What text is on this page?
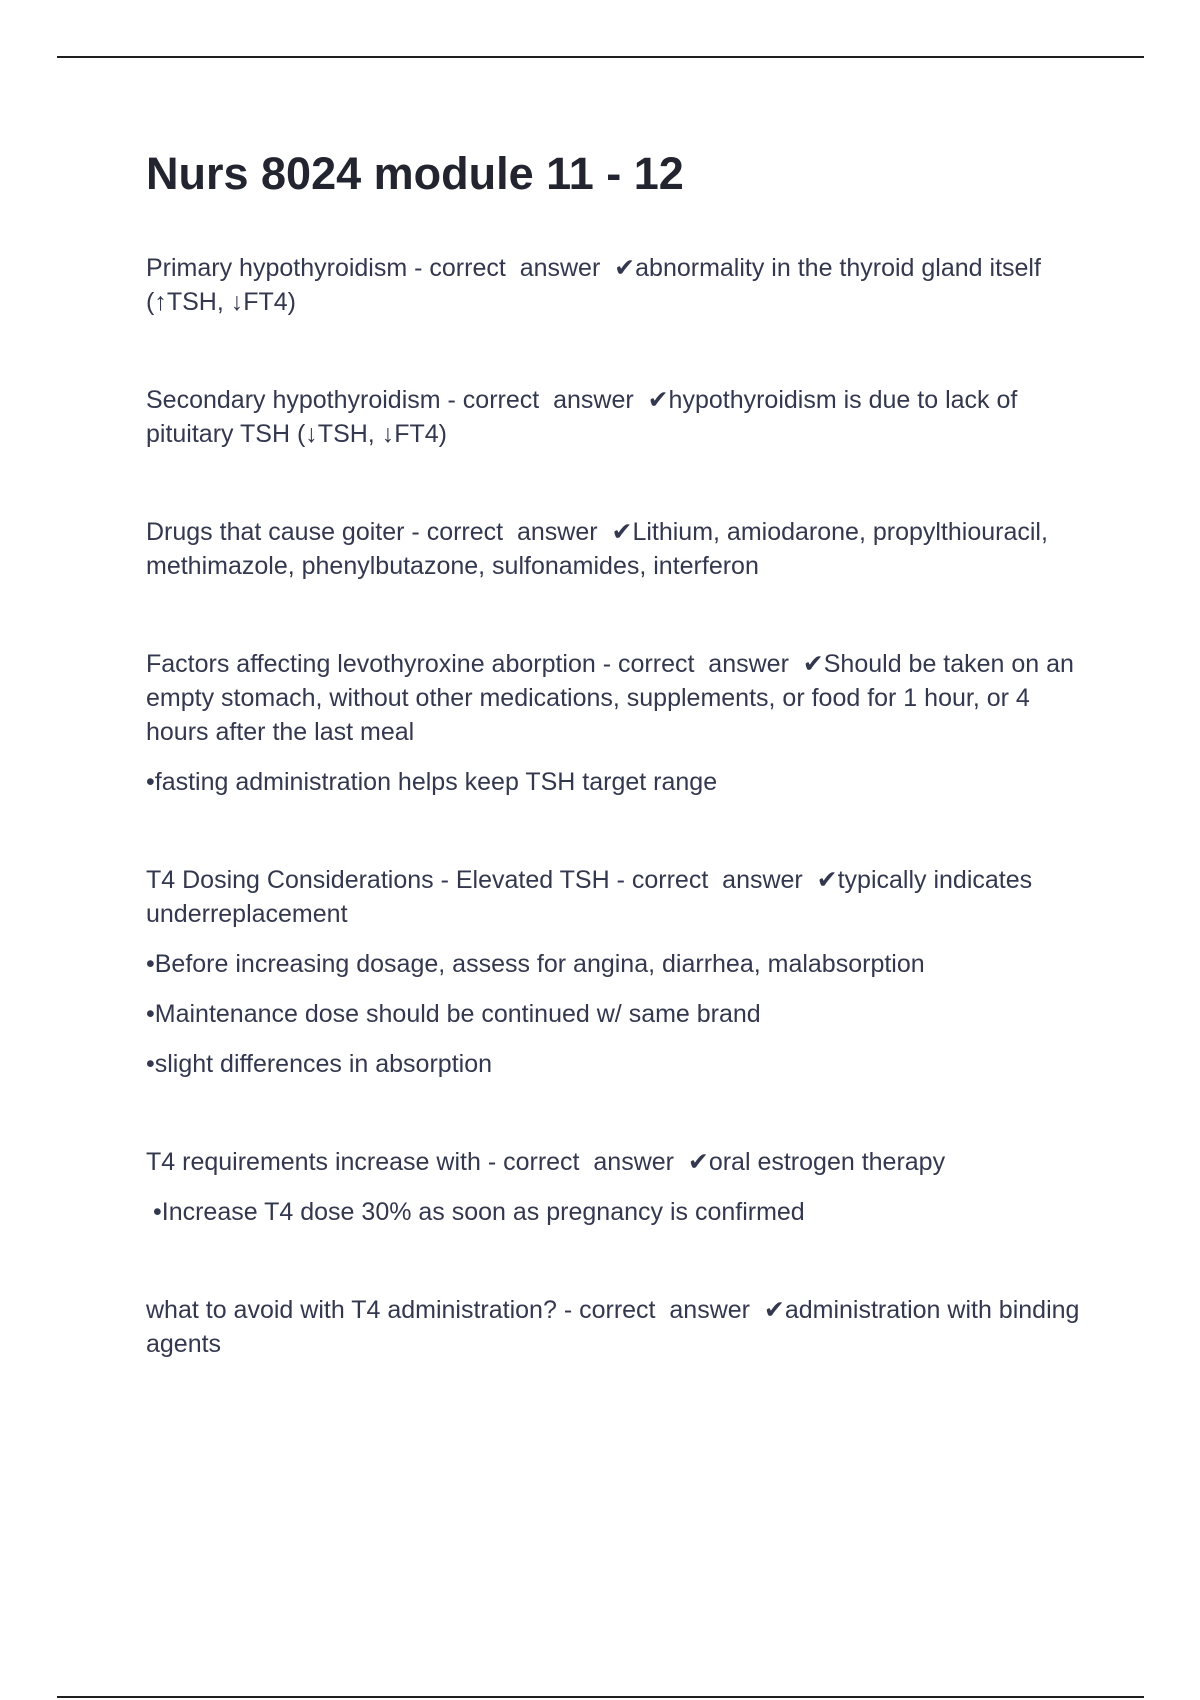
Nurs 8024 module 11 - 12

Primary hypothyroidism - correct  answer  ✔abnormality in the thyroid gland itself (↑TSH, ↓FT4)

Secondary hypothyroidism - correct  answer  ✔hypothyroidism is due to lack of pituitary TSH (↓TSH, ↓FT4)

Drugs that cause goiter - correct  answer  ✔Lithium, amiodarone, propylthiouracil, methimazole, phenylbutazone, sulfonamides, interferon

Factors affecting levothyroxine aborption - correct  answer  ✔Should be taken on an empty stomach, without other medications, supplements, or food for 1 hour, or 4 hours after the last meal

•fasting administration helps keep TSH target range

T4 Dosing Considerations - Elevated TSH - correct  answer  ✔typically indicates underreplacement

•Before increasing dosage, assess for angina, diarrhea, malabsorption

•Maintenance dose should be continued w/ same brand

•slight differences in absorption

T4 requirements increase with - correct  answer  ✔oral estrogen therapy

•Increase T4 dose 30% as soon as pregnancy is confirmed

what to avoid with T4 administration? - correct  answer  ✔administration with binding agents
